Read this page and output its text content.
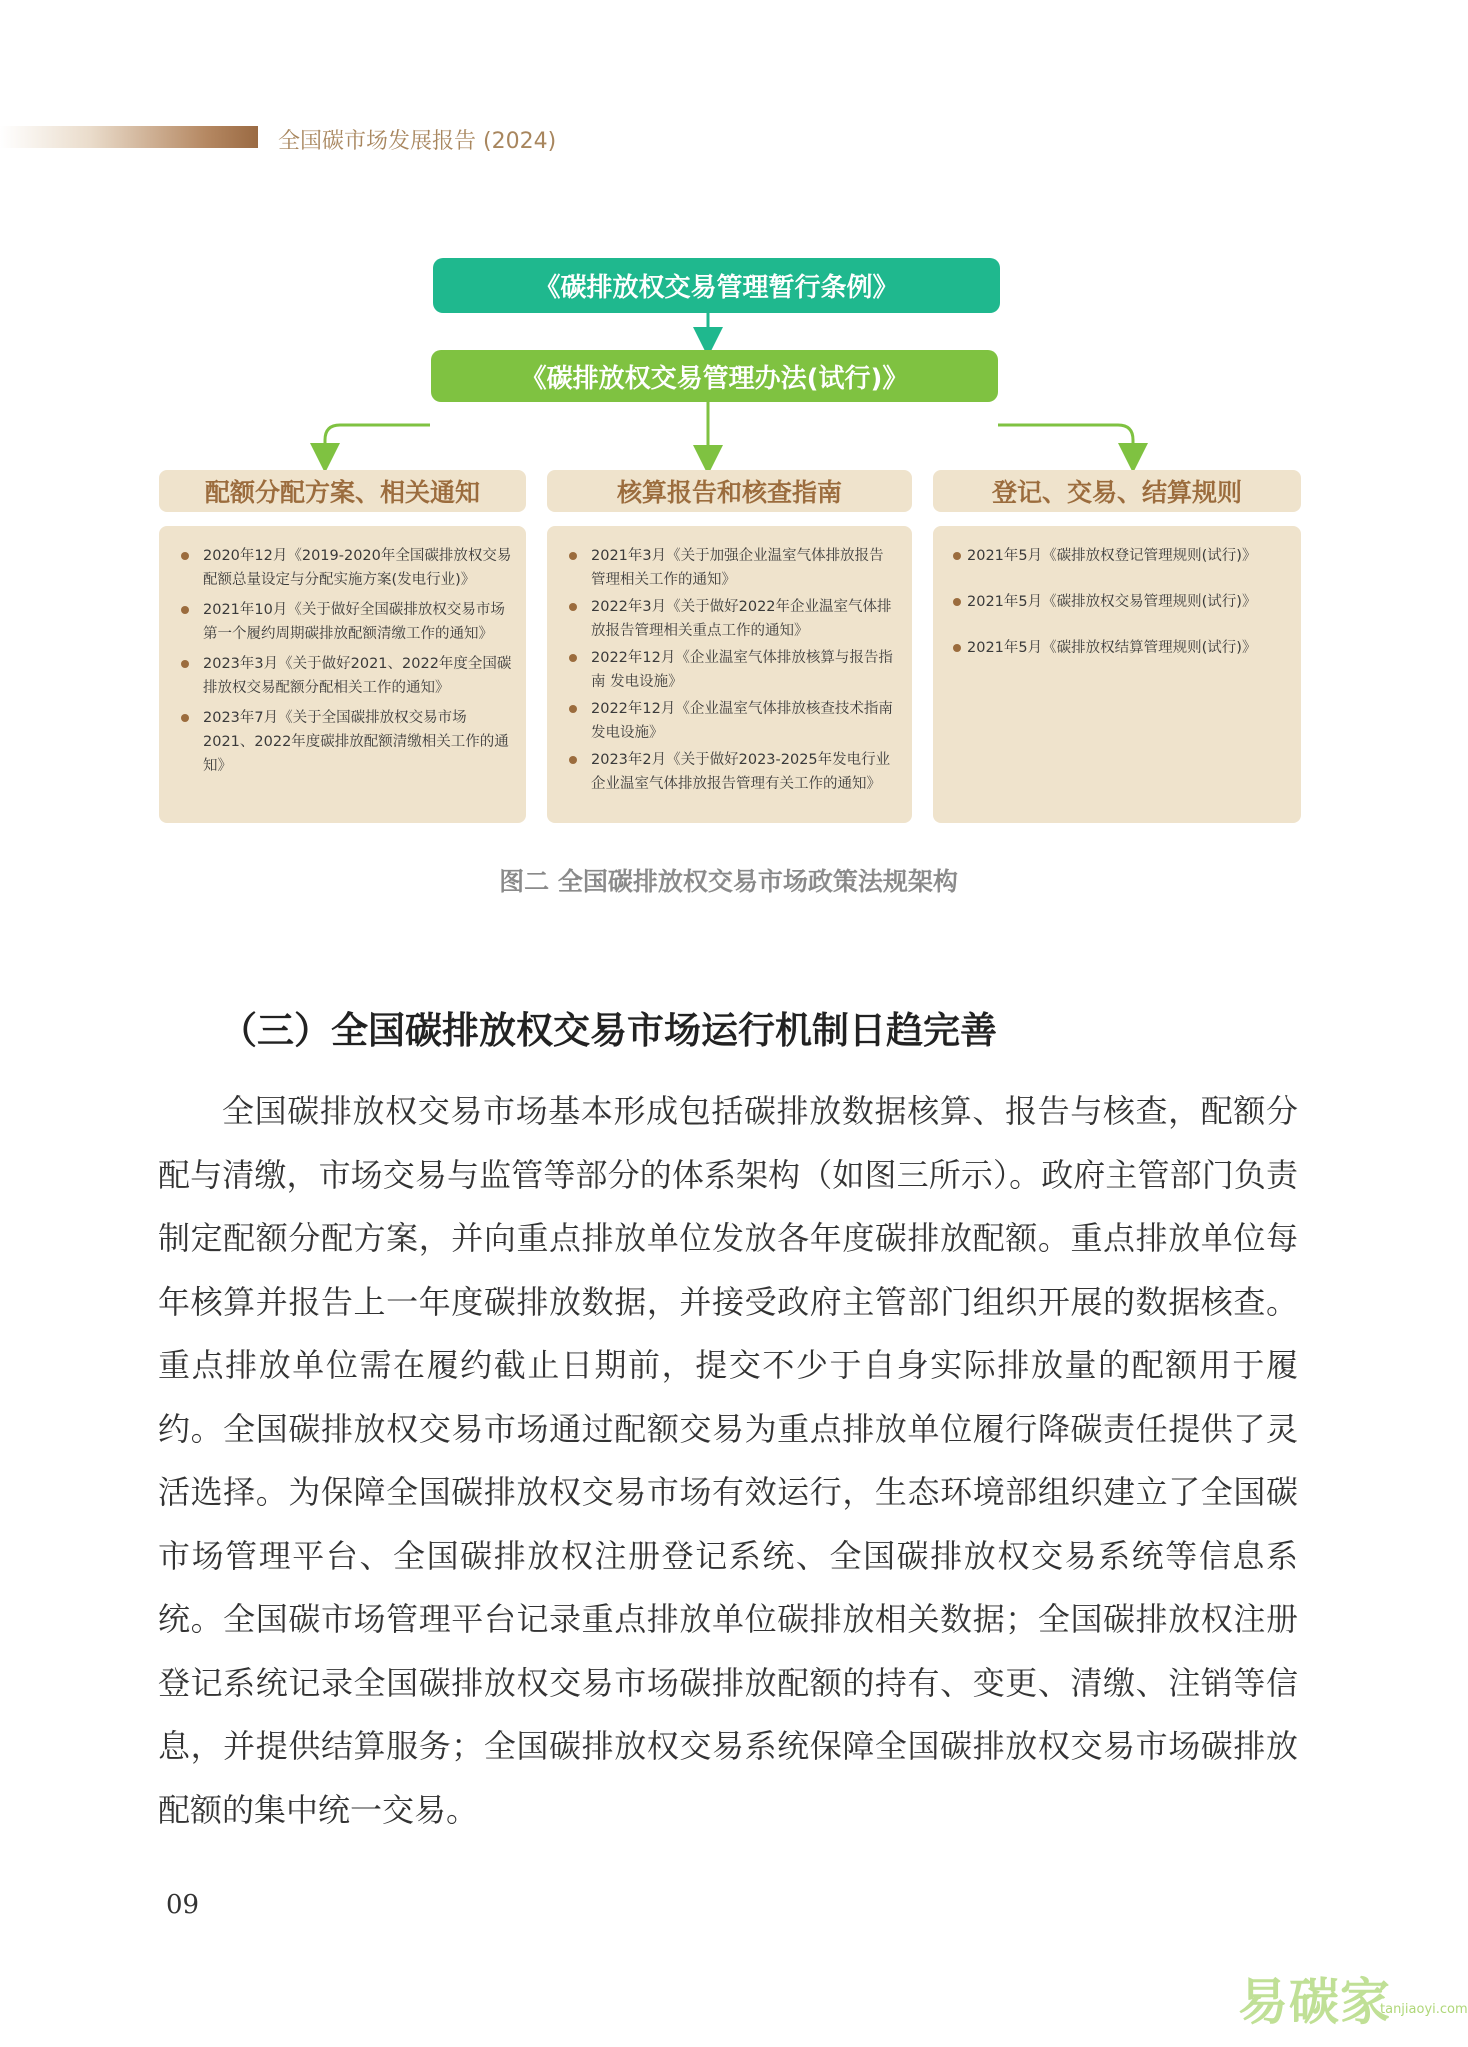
全国碳市场发展报告 (2024)
《碳排放权交易管理暂行条例》
《碳排放权交易管理办法(试行)》
配额分配方案、相关通知	核算报告和核查指南	登记、交易、结算规则
2020年12月《2019-2020年全国碳排放权交易配额总量设定与分配实施方案(发电行业)》
2021年10月《关于做好全国碳排放权交易市场第一个履约周期碳排放配额清缴工作的通知》
2023年3月《关于做好2021、2022年度全国碳排放权交易配额分配相关工作的通知》
2023年7月《关于全国碳排放权交易市场2021、2022年度碳排放配额清缴相关工作的通知》
2021年3月《关于加强企业温室气体排放报告管理相关工作的通知》
2022年3月《关于做好2022年企业温室气体排放报告管理相关重点工作的通知》
2022年12月《企业温室气体排放核算与报告指南 发电设施》
2022年12月《企业温室气体排放核查技术指南 发电设施》
2023年2月《关于做好2023-2025年发电行业企业温室气体排放报告管理有关工作的通知》
2021年5月《碳排放权登记管理规则(试行)》
2021年5月《碳排放权交易管理规则(试行)》
2021年5月《碳排放权结算管理规则(试行)》
图二 全国碳排放权交易市场政策法规架构
（三）全国碳排放权交易市场运行机制日趋完善

全国碳排放权交易市场基本形成包括碳排放数据核算、报告与核查，配额分配与清缴，市场交易与监管等部分的体系架构（如图三所示）。政府主管部门负责制定配额分配方案，并向重点排放单位发放各年度碳排放配额。重点排放单位每年核算并报告上一年度碳排放数据，并接受政府主管部门组织开展的数据核查。重点排放单位需在履约截止日期前，提交不少于自身实际排放量的配额用于履约。全国碳排放权交易市场通过配额交易为重点排放单位履行降碳责任提供了灵活选择。为保障全国碳排放权交易市场有效运行，生态环境部组织建立了全国碳市场管理平台、全国碳排放权注册登记系统、全国碳排放权交易系统等信息系统。全国碳市场管理平台记录重点排放单位碳排放相关数据；全国碳排放权注册登记系统记录全国碳排放权交易市场碳排放配额的持有、变更、清缴、注销等信息，并提供结算服务；全国碳排放权交易系统保障全国碳排放权交易市场碳排放配额的集中统一交易。

09
易碳家
tanjiaoyi.com
